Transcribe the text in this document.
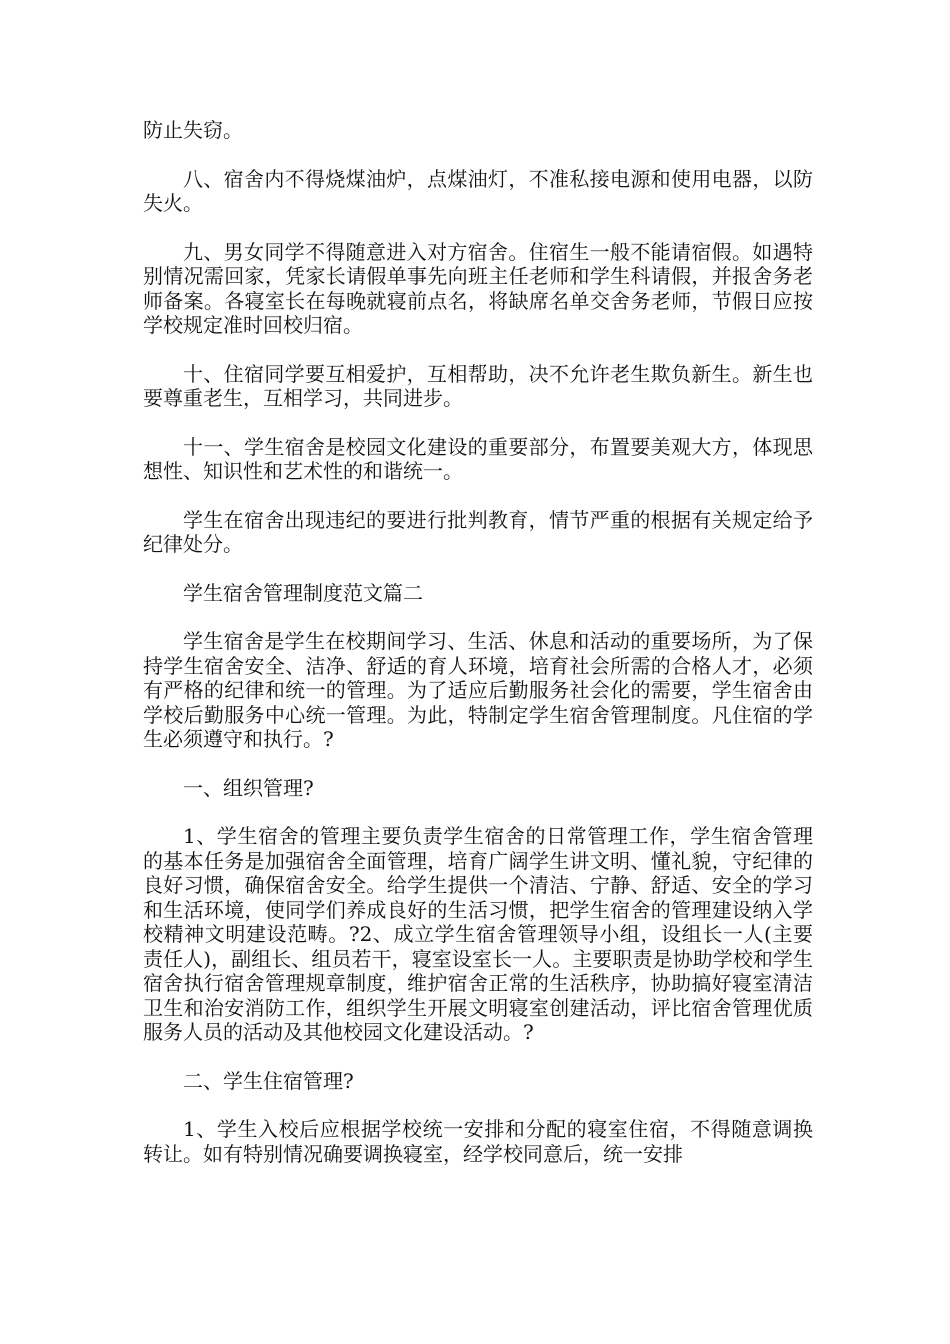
防止失窃。

八、宿舍内不得烧煤油炉，点煤油灯，不准私接电源和使用电器，以防失火。

九、男女同学不得随意进入对方宿舍。住宿生一般不能请宿假。如遇特别情况需回家，凭家长请假单事先向班主任老师和学生科请假，并报舍务老师备案。各寝室长在每晚就寝前点名，将缺席名单交舍务老师，节假日应按学校规定准时回校归宿。

十、住宿同学要互相爱护，互相帮助，决不允许老生欺负新生。新生也要尊重老生，互相学习，共同进步。

十一、学生宿舍是校园文化建设的重要部分，布置要美观大方，体现思想性、知识性和艺术性的和谐统一。

学生在宿舍出现违纪的要进行批判教育，情节严重的根据有关规定给予纪律处分。

学生宿舍管理制度范文篇二

学生宿舍是学生在校期间学习、生活、休息和活动的重要场所，为了保持学生宿舍安全、洁净、舒适的育人环境，培育社会所需的合格人才，必须有严格的纪律和统一的管理。为了适应后勤服务社会化的需要，学生宿舍由学校后勤服务中心统一管理。为此，特制定学生宿舍管理制度。凡住宿的学生必须遵守和执行。?

一、组织管理?

1、学生宿舍的管理主要负责学生宿舍的日常管理工作，学生宿舍管理的基本任务是加强宿舍全面管理，培育广阔学生讲文明、懂礼貌，守纪律的良好习惯，确保宿舍安全。给学生提供一个清洁、宁静、舒适、安全的学习和生活环境，使同学们养成良好的生活习惯，把学生宿舍的管理建设纳入学校精神文明建设范畴。?2、成立学生宿舍管理领导小组，设组长一人(主要责任人)，副组长、组员若干，寝室设室长一人。主要职责是协助学校和学生宿舍执行宿舍管理规章制度，维护宿舍正常的生活秩序，协助搞好寝室清洁卫生和治安消防工作，组织学生开展文明寝室创建活动，评比宿舍管理优质服务人员的活动及其他校园文化建设活动。?

二、学生住宿管理?

1、学生入校后应根据学校统一安排和分配的寝室住宿，不得随意调换转让。如有特别情况确要调换寝室，经学校同意后，统一安排
